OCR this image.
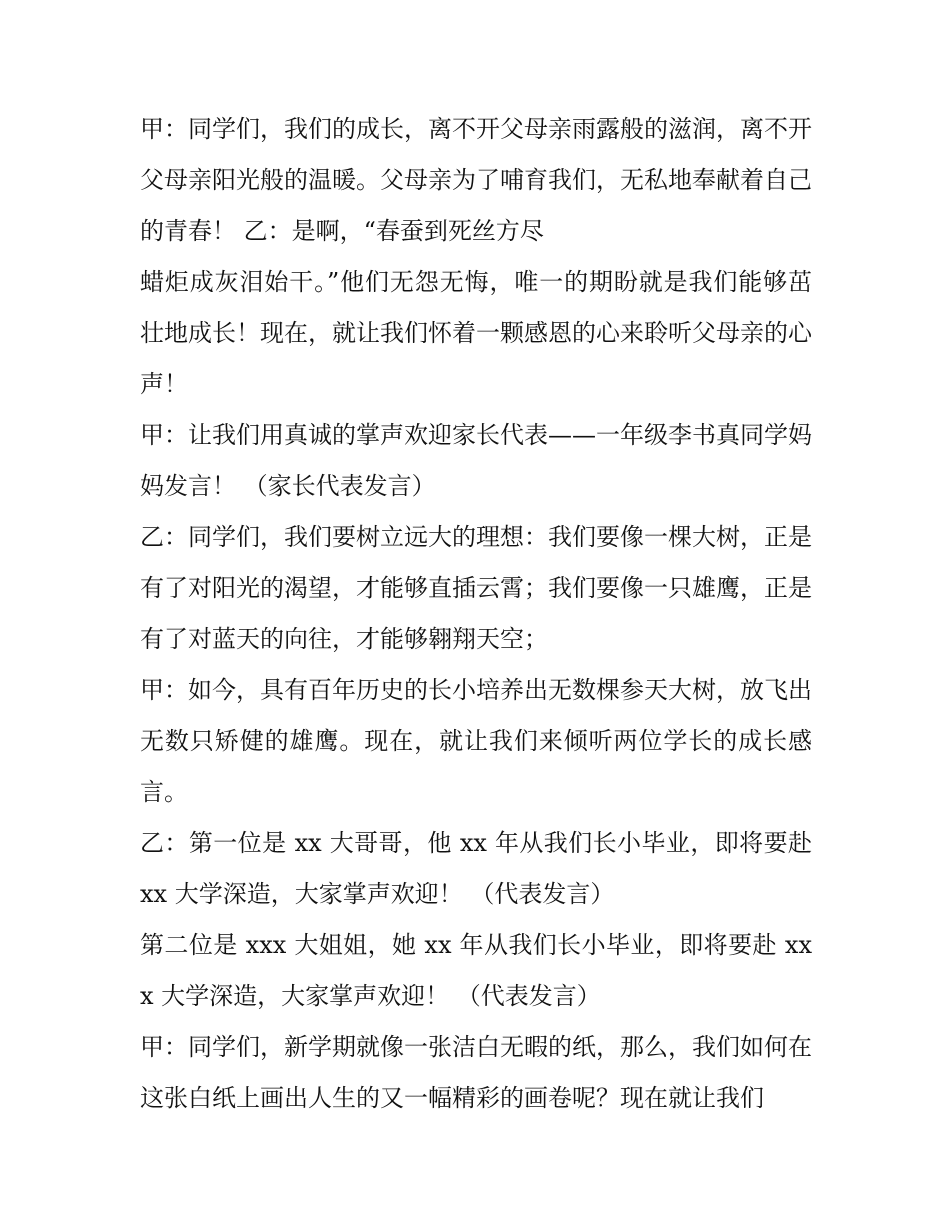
甲：同学们，我们的成长，离不开父母亲雨露般的滋润，离不开父母亲阳光般的温暖。父母亲为了哺育我们，无私地奉献着自己的青春！ 乙：是啊，“春蚕到死丝方尽

蜡炬成灰泪始干。”他们无怨无悔，唯一的期盼就是我们能够茁壮地成长！现在，就让我们怀着一颗感恩的心来聆听父母亲的心声！

甲：让我们用真诚的掌声欢迎家长代表——一年级李书真同学妈妈发言！ （家长代表发言）

乙：同学们，我们要树立远大的理想：我们要像一棵大树，正是有了对阳光的渴望，才能够直插云霄；我们要像一只雄鹰，正是有了对蓝天的向往，才能够翱翔天空；

甲：如今，具有百年历史的长小培养出无数棵参天大树，放飞出无数只矫健的雄鹰。现在，就让我们来倾听两位学长的成长感言。

乙：第一位是 xx 大哥哥，他 xx 年从我们长小毕业，即将要赴 xx 大学深造，大家掌声欢迎！ （代表发言）

第二位是 xxx 大姐姐，她 xx 年从我们长小毕业，即将要赴 xxx 大学深造，大家掌声欢迎！ （代表发言）

甲：同学们，新学期就像一张洁白无暇的纸，那么，我们如何在这张白纸上画出人生的又一幅精彩的画卷呢？现在就让我们
